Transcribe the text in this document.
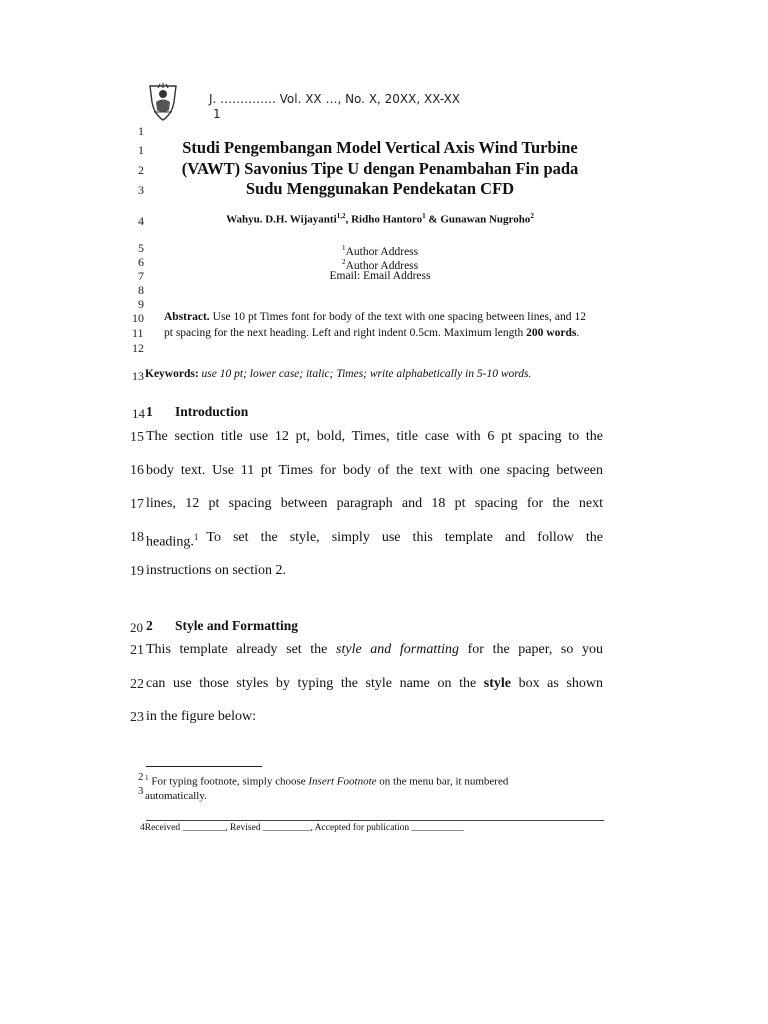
J. ………….. Vol. XX …, No. X, 20XX, XX-XX
1
1
1
2
3
Studi Pengembangan Model Vertical Axis Wind Turbine
(VAWT) Savonius Tipe U dengan Penambahan Fin pada
Sudu Menggunakan Pendekatan CFD
4	Wahyu. D.H. Wijayanti$^{1,2}$, Ridho Hantoro$^1$ & Gunawan Nugroho$^2$
5
6
7
8
9
$^1$Author Address
$^2$Author Address
Email: Email Address
10
11
12
Abstract. Use 10 pt Times font for body of the text with one spacing between lines, and 12 pt spacing for the next heading. Left and right indent 0.5cm. Maximum length 200 words.
13 Keywords: use 10 pt; lower case; italic; Times; write alphabetically in 5-10 words.
14 1 Introduction
15
16
17
18
19
The section title use 12 pt, bold, Times, title case with 6 pt spacing to the
body text. Use 11 pt Times for body of the text with one spacing between
lines, 12 pt spacing between paragraph and 18 pt spacing for the next
heading.$^1$ To set the style, simply use this template and follow the
instructions on section 2.
20 2 Style and Formatting
21
22
23
This template already set the style and formatting for the paper, so you
can use those styles by typing the style name on the style box as shown
in the figure below:
2
3
$^1$ For typing footnote, simply choose Insert Footnote on the menu bar, it numbered
automatically.
4Received _________, Revised __________, Accepted for publication ___________
